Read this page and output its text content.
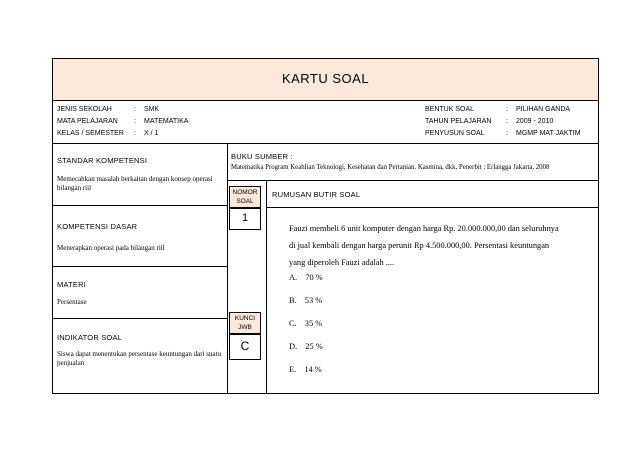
KARTU SOAL
JENIS SEKOLAH	: SMK
MATA PELAJARAN : MATEMATIKA
KELAS / SEMESTER : X / 1
BENTUK SOAL	: PILIHAN GANDA
TAHUN PELAJARAN : 2009 - 2010
PENYUSUN SOAL	: MGMP MAT JAKTIM
STANDAR KOMPETENSI
Memecahkan masalah berkaitan dengan konsep operasi bilangan riil
KOMPETENSI DASAR
Menerapkan operasi pada bilangan riil
MATERI
Persentase
INDIKATOR SOAL
Siswa dapat menentukan persentase keuntungan dari suatu penjualan
BUKU SUMBER :
Matematika Program Keahlian Teknologi, Kesehatan dan Pertanian. Kasmina, dkk, Penerbit : Erlangga Jakarta, 2008
NOMOR
SOAL
1
KUNCI
JWB
C
RUMUSAN BUTIR SOAL
Fauzi membeli 6 unit komputer dengan harga Rp. 20.000.000,00 dan seluruhnya
di jual kembali dengan harga perunit Rp 4.500.000,00. Persentasi keuntungan
yang diperoleh Fauzi adalah ....
A. 70 %
B. 53 %
C. 35 %
D. 25 %
E. 14 %
